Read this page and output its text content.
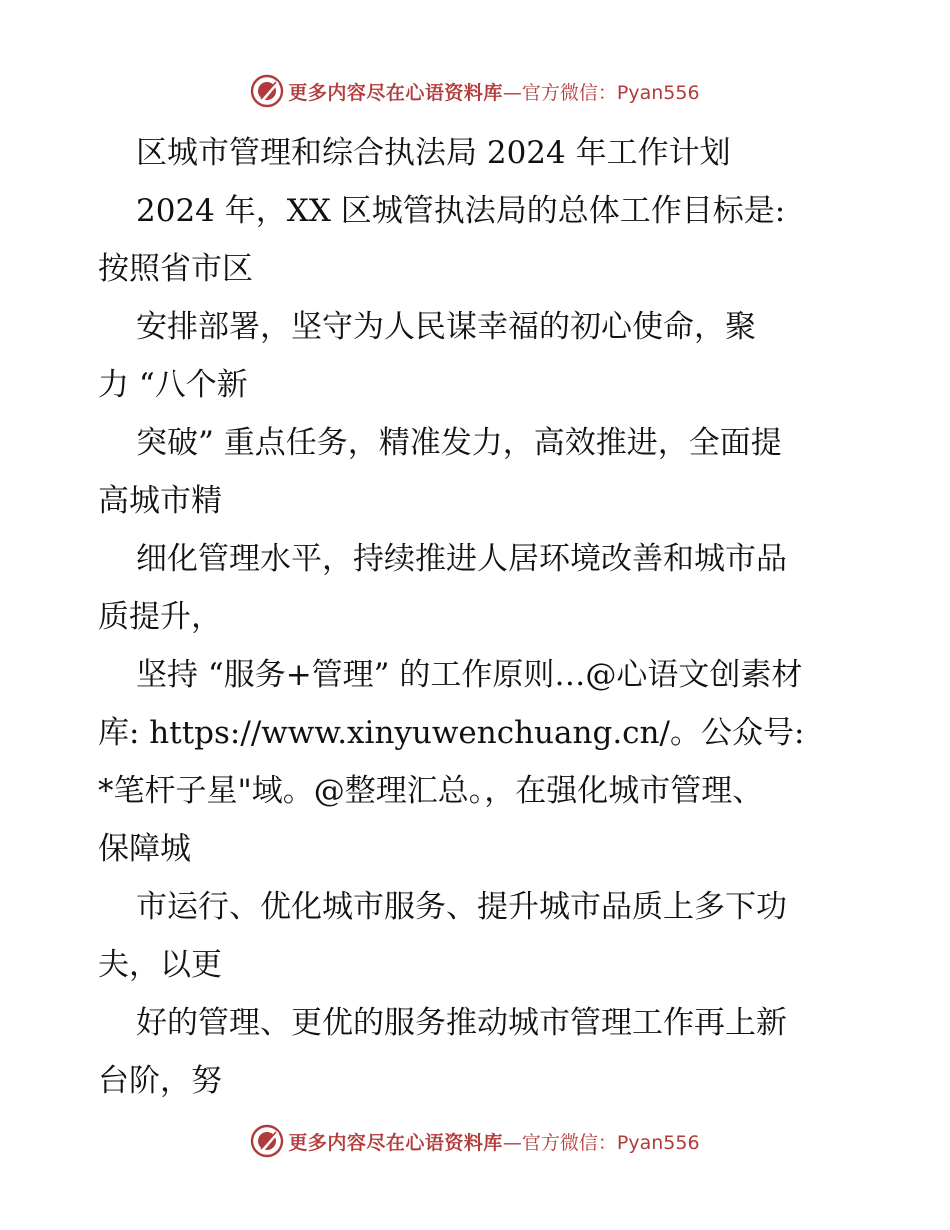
更多内容尽在心语资料库 —官方微信：Pyan556
区城市管理和综合执法局 2024 年工作计划
2024 年，XX 区城管执法局的总体工作目标是:
按照省市区
安排部署，坚守为人民谋幸福的初心使命，聚
力 “八个新
突破” 重点任务，精准发力，高效推进，全面提
高城市精
细化管理水平，持续推进人居环境改善和城市品
质提升，
坚持 “服务+管理” 的工作原则…@心语文创素材
库: https://www.xinyuwenchuang.cn/。公众号:
*笔杆子星"域。@整理汇总。，在强化城市管理、
保障城
市运行、优化城市服务、提升城市品质上多下功
夫，以更
好的管理、更优的服务推动城市管理工作再上新
台阶，努
更多内容尽在心语资料库 —官方微信：Pyan556
